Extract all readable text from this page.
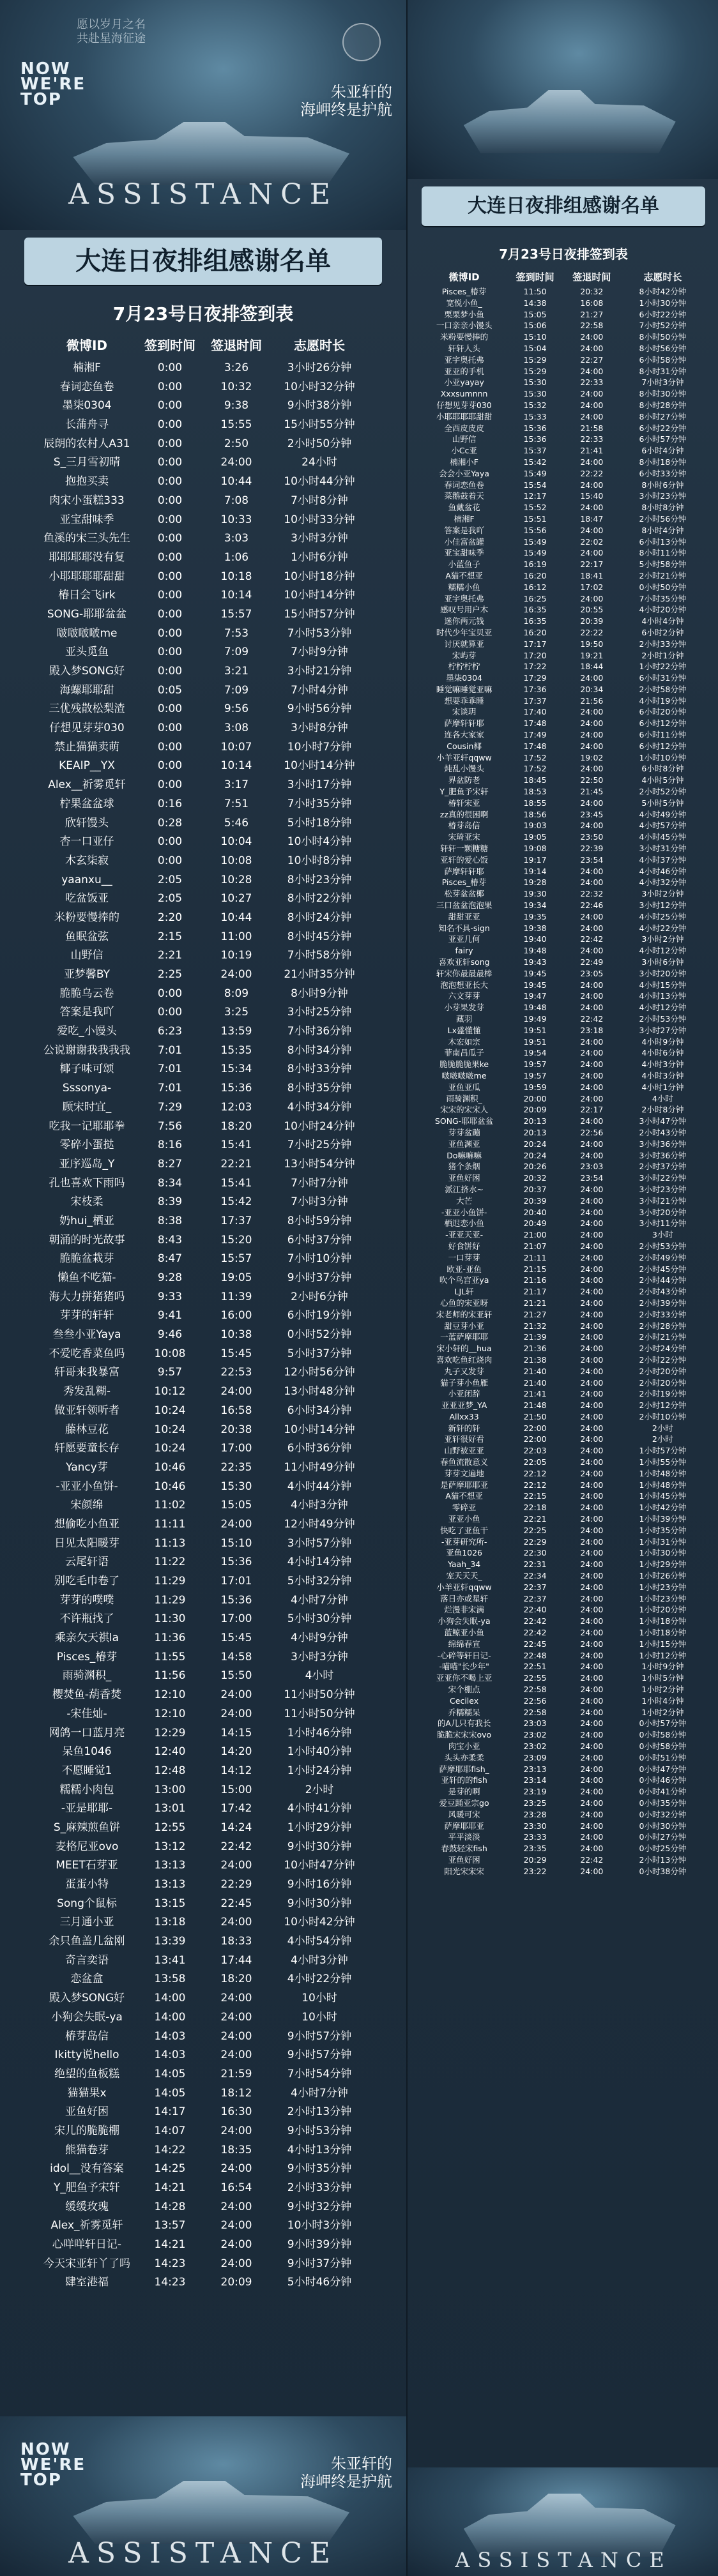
愿以岁月之名
共赴星海征途
NOW
WE'RE
TOP	朱亚轩的
海岬终是护航
ASSISTANCE
大连日夜排组感谢名单
7月23号日夜排签到表
微博ID	签到时间	签退时间	志愿时长
楠湘F	0:00	3:26	3小时26分钟
春词恋鱼卷	0:00	10:32	10小时32分钟
墨柒0304	0:00	9:38	9小时38分钟
长蒲舟寻	0:00	15:55	15小时55分钟
辰朗的农村人A31	0:00	2:50	2小时50分钟
S_三月雪初晴	0:00	24:00	24小时
抱抱买卖	0:00	10:44	10小时44分钟
肉宋小蛋糕333	0:00	7:08	7小时8分钟
亚宝甜味季	0:00	10:33	10小时33分钟
鱼溪的宋三头先生	0:00	3:03	3小时3分钟
耶耶耶耶没有复	0:00	1:06	1小时6分钟
小耶耶耶耶甜甜	0:00	10:18	10小时18分钟
椿日会飞irk	0:00	10:14	10小时14分钟
SONG-耶耶盆盆	0:00	15:57	15小时57分钟
啵啵啵啵me	0:00	7:53	7小时53分钟
亚头觅鱼	0:00	7:09	7小时9分钟
殿入梦SONG好	0:00	3:21	3小时21分钟
海螺耶耶甜	0:05	7:09	7小时4分钟
三优残散松梨渣	0:00	9:56	9小时56分钟
仔想见芽芽030	0:00	3:08	3小时8分钟
禁止猫猫卖萌	0:00	10:07	10小时7分钟
KEAIP__YX	0:00	10:14	10小时14分钟
Alex__祈雾觅轩	0:00	3:17	3小时17分钟
柠果盆盆球	0:16	7:51	7小时35分钟
欣轩馒头	0:28	5:46	5小时18分钟
杏一口亚仔	0:00	10:04	10小时4分钟
木玄柒寂	0:00	10:08	10小时8分钟
yaanxu__	2:05	10:28	8小时23分钟
吃盆饭亚	2:05	10:27	8小时22分钟
米粉要慢捧的	2:20	10:44	8小时24分钟
鱼眠盆弦	2:15	11:00	8小时45分钟
山野信	2:21	10:19	7小时58分钟
亚梦馨BY	2:25	24:00	21小时35分钟
脆脆乌云卷	0:00	8:09	8小时9分钟
答案是我吖	0:00	3:25	3小时25分钟
爱吃_小馒头	6:23	13:59	7小时36分钟
公说谢谢我我我我	7:01	15:35	8小时34分钟
椰子味可颂	7:01	15:34	8小时33分钟
Sssonya-	7:01	15:36	8小时35分钟
顾宋时宜_	7:29	12:03	4小时34分钟
吃我一记耶耶拳	7:56	18:20	10小时24分钟
零碎小蛋挞	8:16	15:41	7小时25分钟
亚序巡岛_Y	8:27	22:21	13小时54分钟
孔也喜欢下雨吗	8:34	15:41	7小时7分钟
宋枝柔	8:39	15:42	7小时3分钟
奶hui_栖亚	8:38	17:37	8小时59分钟
朝涌的时光故事	8:43	15:20	6小时37分钟
脆脆盆栽芽	8:47	15:57	7小时10分钟
懒鱼不吃猫-	9:28	19:05	9小时37分钟
海大力拼猪猪吗	9:33	11:39	2小时6分钟
芽芽的轩轩	9:41	16:00	6小时19分钟
叁叁小亚Yaya	9:46	10:38	0小时52分钟
不爱吃香菜鱼吗	10:08	15:45	5小时37分钟
轩哥来我暴富	9:57	22:53	12小时56分钟
秀发乱糊-	10:12	24:00	13小时48分钟
做亚轩领听者	10:24	16:58	6小时34分钟
藤林豆花	10:24	20:38	10小时14分钟
轩愿要童长存	10:24	17:00	6小时36分钟
Yancy芽	10:46	22:35	11小时49分钟
-亚亚小鱼饼-	10:46	15:30	4小时44分钟
宋颜绵	11:02	15:05	4小时3分钟
想偷吃小鱼亚	11:11	24:00	12小时49分钟
日见太阳暖芽	11:13	15:10	3小时57分钟
云尾轩语	11:22	15:36	4小时14分钟
别吃毛巾卷了	11:29	17:01	5小时32分钟
芽芽的噗噗	11:29	15:36	4小时7分钟
不许瓶找了	11:30	17:00	5小时30分钟
乘亲欠天祺la	11:36	15:45	4小时9分钟
Pisces_椿芽	11:55	14:58	3小时3分钟
雨骑渊积_	11:56	15:50	4小时
樱焚鱼-葫香焚	12:10	24:00	11小时50分钟
-宋佳灿-	12:10	24:00	11小时50分钟
网鸽一口蓝月亮	12:29	14:15	1小时46分钟
呆鱼1046	12:40	14:20	1小时40分钟
不愿睡觉1	12:48	14:12	1小时24分钟
糯糯小肉包	13:00	15:00	2小时
-亚是耶耶-	13:01	17:42	4小时41分钟
S_麻辣煎鱼饼	12:55	14:24	1小时29分钟
麦格尼亚ovo	13:12	22:42	9小时30分钟
MEET石芽亚	13:13	24:00	10小时47分钟
蛋蛋小特	13:13	22:29	9小时16分钟
Song个鼠标	13:15	22:45	9小时30分钟
三月通小亚	13:18	24:00	10小时42分钟
余只鱼盖几盆刚	13:39	18:33	4小时54分钟
奇言奕语	13:41	17:44	4小时3分钟
恋盆盒	13:58	18:20	4小时22分钟
殿入梦SONG好	14:00	24:00	10小时
小狗会失眠-ya	14:00	24:00	10小时
椿芽岛信	14:03	24:00	9小时57分钟
Ikitty说hello	14:03	24:00	9小时57分钟
绝望的鱼板糕	14:05	21:59	7小时54分钟
猫猫果x	14:05	18:12	4小时7分钟
亚鱼好困	14:17	16:30	2小时13分钟
宋儿的脆脆棚	14:07	24:00	9小时53分钟
熊猫卷芽	14:22	18:35	4小时13分钟
idol__没有答案	14:25	24:00	9小时35分钟
Y_肥鱼予宋轩	14:21	16:54	2小时33分钟
缓缓玫瑰	14:28	24:00	9小时32分钟
Alex_祈雾觅轩	13:57	24:00	10小时3分钟
心咩咩轩日记-	14:21	24:00	9小时39分钟
今天宋亚轩丫了吗	14:23	24:00	9小时37分钟
肆室港福	14:23	20:09	5小时46分钟
NOW
WE'RE
TOP
朱亚轩的
海岬终是护航
ASSISTANCE
大连日夜排组感谢名单
7月23号日夜排签到表
微博ID	签到时间	签退时间	志愿时长
Pisces_椿芽	11:50	20:32	8小时42分钟
宽悦小鱼_	14:38	16:08	1小时30分钟
栗栗梦小鱼	15:05	21:27	6小时22分钟
一口亲亲小馒头	15:06	22:58	7小时52分钟
米粉要慢捧的	15:10	24:00	8小时50分钟
轩轩人头	15:04	24:00	8小时56分钟
亚宇奥托弗	15:29	22:27	6小时58分钟
亚亚的手机	15:29	24:00	8小时31分钟
小亚yayay	15:30	22:33	7小时3分钟
Xxxsumnnn	15:30	24:00	8小时30分钟
仔想见芽芽030	15:32	24:00	8小时28分钟
小耶耶耶耶甜甜	15:33	24:00	8小时27分钟
全西皮皮皮	15:36	21:58	6小时22分钟
山野信	15:36	22:33	6小时57分钟
小Cc亚	15:37	21:41	6小时4分钟
楠湘小F	15:42	24:00	8小时18分钟
会会小亚Yaya	15:49	22:22	6小时33分钟
春词恋鱼卷	15:54	24:00	8小时6分钟
菜鹅鼓着天	12:17	15:40	3小时23分钟
鱼戴盆花	15:52	24:00	8小时8分钟
楠湘F	15:51	18:47	2小时56分钟
答案是我吖	15:56	24:00	8小时4分钟
小佳富盆罐	15:49	22:02	6小时13分钟
亚宝甜味季	15:49	24:00	8小时11分钟
小蓝鱼子	16:19	22:17	5小时58分钟
A猫不想亚	16:20	18:41	2小时21分钟
糯糯小鱼	16:12	17:02	0小时50分钟
亚宇奥托弗	16:25	24:00	7小时35分钟
感叹号用户木	16:35	20:55	4小时20分钟
迷你两元钱	16:35	20:39	4小时4分钟
时代少年宝贝亚	16:20	22:22	6小时2分钟
讨厌就算亚	17:17	19:50	2小时33分钟
宋屿芽	17:20	19:21	2小时1分钟
柠柠柠柠	17:22	18:44	1小时22分钟
墨柒0304	17:29	24:00	6小时31分钟
睡觉嘛睡觉亚嘛	17:36	20:34	2小时58分钟
想要乖乖睡	17:37	21:56	4小时19分钟
宋谈玥	17:40	24:00	6小时20分钟
萨摩轩轩耶	17:48	24:00	6小时12分钟
连各大家家	17:49	24:00	6小时11分钟
Cousin椰	17:48	24:00	6小时12分钟
小羊亚轩qqww	17:52	19:02	1小时10分钟
炖乱小馒头	17:52	24:00	6小时8分钟
界盆防老	18:45	22:50	4小时5分钟
Y_肥鱼予宋轩	18:53	21:45	2小时52分钟
椿轩宋亚	18:55	24:00	5小时5分钟
zz真的很困啊	18:56	23:45	4小时49分钟
椿芽岛信	19:03	24:00	4小时57分钟
宋琦亚宋	19:05	23:50	4小时45分钟
轩轩一颗糖糖	19:08	22:39	3小时31分钟
亚轩的爱心饭	19:17	23:54	4小时37分钟
萨摩轩轩耶	19:14	24:00	4小时46分钟
Pisces_椿芽	19:28	24:00	4小时32分钟
松芽盆盆椰	19:30	22:32	3小时2分钟
三口盆盆泡泡果	19:34	22:46	3小时12分钟
甜甜亚亚	19:35	24:00	4小时25分钟
知名不具-sign	19:38	24:00	4小时22分钟
亚亚几何	19:40	22:42	3小时2分钟
fairy	19:48	24:00	4小时12分钟
喜欢亚轩song	19:43	22:49	3小时6分钟
轩宋你最最最棒	19:45	23:05	3小时20分钟
泡泡想亚长大	19:45	24:00	4小时15分钟
六文芽芽	19:47	24:00	4小时13分钟
小芽果发芽	19:48	24:00	4小时12分钟
藏羽	19:49	22:42	2小时53分钟
Lx盛懂懂	19:51	23:18	3小时27分钟
木宏如宗	19:51	24:00	4小时9分钟
菲南昌瓜子	19:54	24:00	4小时6分钟
脆脆脆脆果ke	19:57	24:00	4小时3分钟
啵啵啵啵me	19:57	24:00	4小时3分钟
亚鱼亚瓜	19:59	24:00	4小时1分钟
雨骑渊积_	20:00	24:00	4小时
宋宋的宋宋人	20:09	22:17	2小时8分钟
SONG-耶耶盆盆	20:13	24:00	3小时47分钟
芽芽盆蹦	20:13	22:56	2小时43分钟
亚鱼渊亚	20:24	24:00	3小时36分钟
Do嘛嘛嘛	20:24	24:00	3小时36分钟
猪个条烟	20:26	23:03	2小时37分钟
亚鱼好困	20:32	23:54	3小时22分钟
派江挤水~	20:37	24:00	3小时23分钟
大芒	20:39	24:00	3小时21分钟
-亚亚小鱼饼-	20:40	24:00	3小时20分钟
栖迟恋小鱼	20:49	24:00	3小时11分钟
-亚亚天亚-	21:00	24:00	3小时
好食饼好	21:07	24:00	2小时53分钟
一口芽芽	21:11	24:00	2小时49分钟
欧亚-亚鱼	21:15	24:00	2小时45分钟
吹个鸟宫亚ya	21:16	24:00	2小时44分钟
LJL轩	21:17	24:00	2小时43分钟
心鱼的宋亚呀	21:21	24:00	2小时39分钟
宋老师的宋亚轩	21:27	24:00	2小时33分钟
甜豆芽小亚	21:32	24:00	2小时28分钟
一蓝萨摩耶耶	21:39	24:00	2小时21分钟
宋小轩的__hua	21:36	24:00	2小时24分钟
喜欢吃鱼红烧肉	21:38	24:00	2小时22分钟
丸子又发芽	21:40	24:00	2小时20分钟
猫子芽小鱼雁	21:40	24:00	2小时20分钟
小亚闭辞	21:41	24:00	2小时19分钟
亚亚亚梦_YA	21:48	24:00	2小时12分钟
Allxx33	21:50	24:00	2小时10分钟
新轩的轩	22:00	24:00	2小时
亚轩很好看	22:00	24:00	2小时
山野被亚亚	22:03	24:00	1小时57分钟
春鱼流散意义	22:05	24:00	1小时55分钟
芽芽文遍地	22:12	24:00	1小时48分钟
是萨摩耶耶亚	22:12	24:00	1小时48分钟
A猫不想亚	22:15	24:00	1小时45分钟
零碎亚	22:18	24:00	1小时42分钟
亚亚小鱼	22:21	24:00	1小时39分钟
快吃了亚鱼干	22:25	24:00	1小时35分钟
-亚芽研究所-	22:29	24:00	1小时31分钟
亚鱼1026	22:30	24:00	1小时30分钟
Yaah_34	22:31	24:00	1小时29分钟
宠天天天_	22:34	24:00	1小时26分钟
小羊亚轩qqww	22:37	24:00	1小时23分钟
落日亦或星轩	22:37	24:00	1小时23分钟
烂漫非宋满	22:40	24:00	1小时20分钟
小狗会失眠-ya	22:42	24:00	1小时18分钟
蓝鲸亚小鱼	22:42	24:00	1小时18分钟
绵绵春宣	22:45	24:00	1小时15分钟
-心碎等轩日记-	22:48	24:00	1小时12分钟
-喵喵"长少年"	22:51	24:00	1小时9分钟
亚亚你不喝上亚	22:55	24:00	1小时5分钟
宋个棚点	22:58	24:00	1小时2分钟
Cecilex	22:56	24:00	1小时4分钟
乔糯糯呆	22:58	24:00	1小时2分钟
的A几只有我长	23:03	24:00	0小时57分钟
脆脆宋宋宋ovo	23:02	24:00	0小时58分钟
肉宝小亚	23:02	24:00	0小时58分钟
头头亦柔柔	23:09	24:00	0小时51分钟
萨摩耶耶fish_	23:13	24:00	0小时47分钟
亚轩的的fish	23:14	24:00	0小时46分钟
是芽的啊	23:19	24:00	0小时41分钟
爱豆踊亚宗go	23:25	24:00	0小时35分钟
风暖可宋	23:28	24:00	0小时32分钟
萨摩耶耶亚	23:30	24:00	0小时30分钟
平平淡淡	23:33	24:00	0小时27分钟
春鼓轻宋fish	23:35	24:00	0小时25分钟
亚鱼好困	20:29	22:42	2小时13分钟
阳光宋宋宋	23:22	24:00	0小时38分钟
ASSISTANCE
